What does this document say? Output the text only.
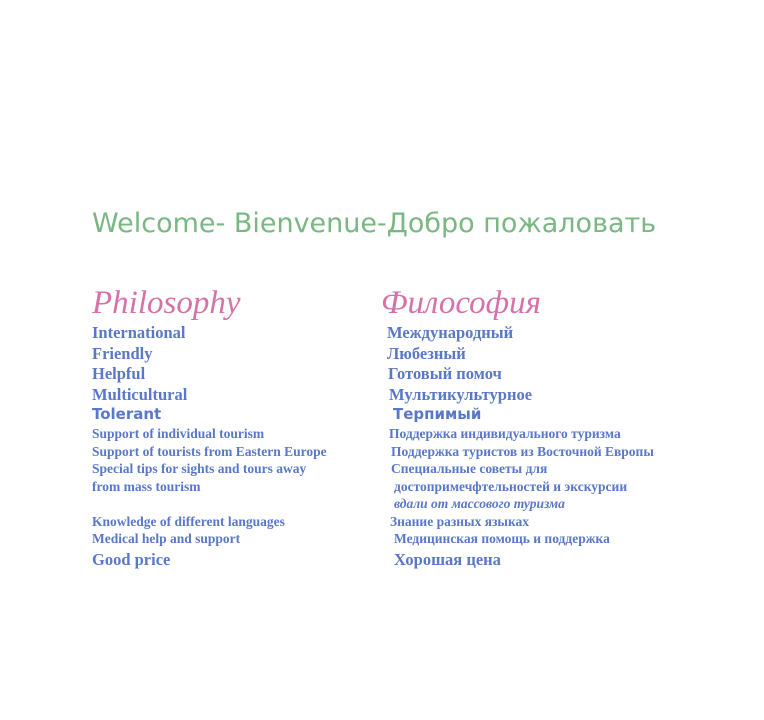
Welcome- Bienvenue-Добро пожаловать
Philosophy
International
Friendly
Helpful
Multicultural
Tolerant
Support of individual tourism
Support of tourists from Eastern Europe
Special tips for sights and tours away
from mass tourism
Knowledge of different languages
Medical help and support
Good price
Философия
Международный
Любезный
Готовый помоч
Мультикультурное
Терпимый
Поддержка индивидуального туризма
Поддержка туристов из Восточной Европы
Специальные советы для
достопримечфтельностей и экскурсии
вдали от массового туризма
Знание разных языках
Медицинская помощь и поддержка
Хорошая цена
